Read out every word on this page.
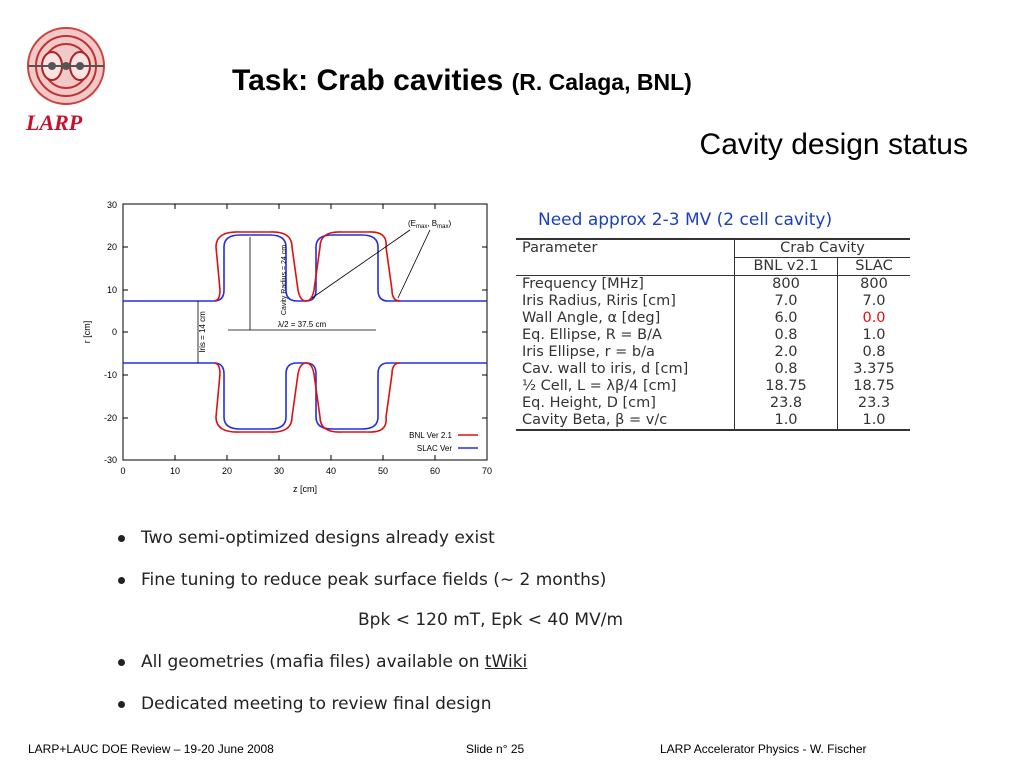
LARP
Task: Crab cavities (R. Calaga, BNL)
Cavity design status
30
20
10
0
-10
-20
-30
0	10	20	30	40	50	60	70
z [cm]
r [cm]
($E_{max}$, $B_{max}$)
Cavity Radius = 24 cm
λ/2 = 37.5 cm
Iris = 14 cm
BNL Ver 2.1
SLAC Ver
Need approx 2-3 MV (2 cell cavity)
Parameter	Crab Cavity	
	BNL v2.1	SLAC
Frequency [MHz]	800	800
Iris Radius, Riris [cm]	7.0	7.0
Wall Angle, α [deg]	6.0	0.0
Eq. Ellipse, R = B/A	0.8	1.0
Iris Ellipse, r = b/a	2.0	0.8
Cav. wall to iris, d [cm]	0.8	3.375
½ Cell, L = λβ/4 [cm]	18.75	18.75
Eq. Height, D [cm]	23.8	23.3
Cavity Beta, β = v/c	1.0	1.0
Two semi-optimized designs already exist
Fine tuning to reduce peak surface fields (∼ 2 months)
Bpk < 120 mT, Epk < 40 MV/m
All geometries (mafia files) available on tWiki
Dedicated meeting to review final design
LARP+LAUC DOE Review – 19-20 June 2008	Slide n° 25	LARP Accelerator Physics - W. Fischer
